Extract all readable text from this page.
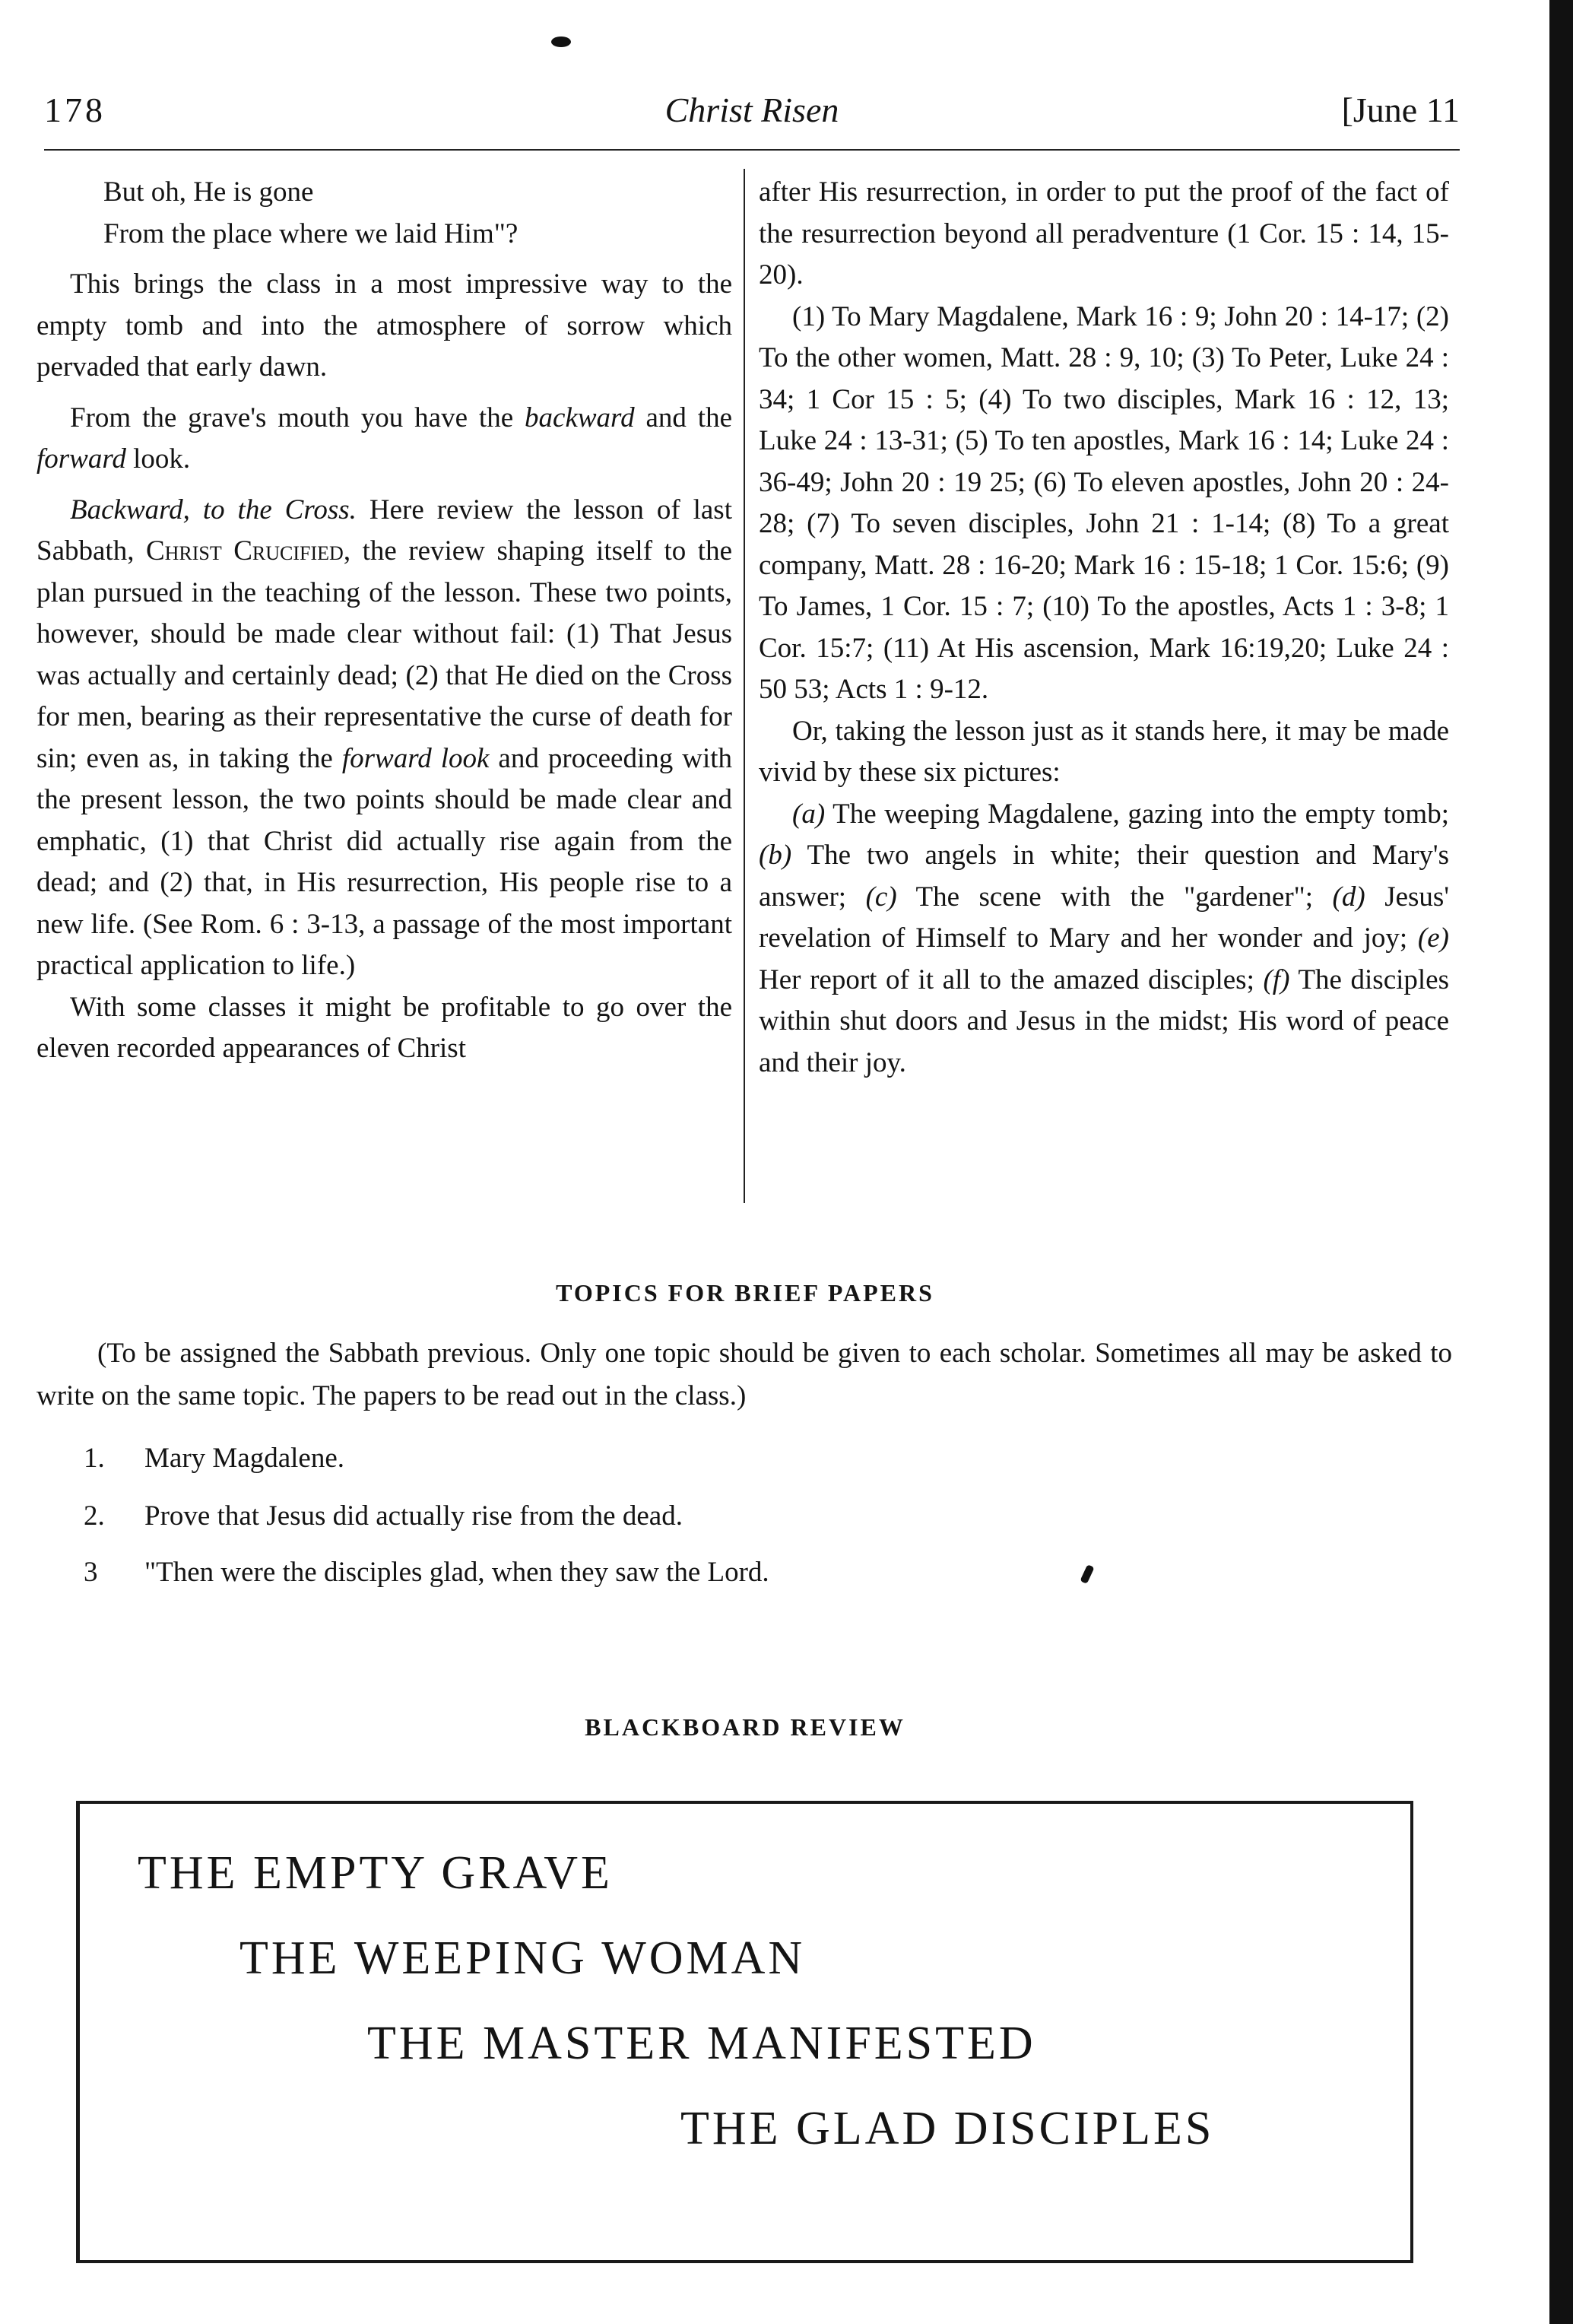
178	Christ Risen	[June 11

But oh, He is gone

From the place where we laid Him"?

This brings the class in a most impressive way to the empty tomb and into the atmosphere of sorrow which pervaded that early dawn.

From the grave's mouth you have the backward and the forward look.

Backward, to the Cross. Here review the lesson of last Sabbath, Christ Crucified, the review shaping itself to the plan pursued in the teaching of the lesson. These two points, however, should be made clear without fail: (1) That Jesus was actually and certainly dead; (2) that He died on the Cross for men, bearing as their representative the curse of death for sin; even as, in taking the forward look and proceeding with the present lesson, the two points should be made clear and emphatic, (1) that Christ did actually rise again from the dead; and (2) that, in His resurrection, His people rise to a new life. (See Rom. 6 : 3-13, a passage of the most important practical application to life.)

With some classes it might be profitable to go over the eleven recorded appearances of Christ

after His resurrection, in order to put the proof of the fact of the resurrection beyond all peradventure (1 Cor. 15 : 14, 15-20).

(1) To Mary Magdalene, Mark 16 : 9; John 20 : 14-17; (2) To the other women, Matt. 28 : 9, 10; (3) To Peter, Luke 24 : 34; 1 Cor 15 : 5; (4) To two disciples, Mark 16 : 12, 13; Luke 24 : 13-31; (5) To ten apostles, Mark 16 : 14; Luke 24 : 36-49; John 20 : 19 25; (6) To eleven apostles, John 20 : 24-28; (7) To seven disciples, John 21 : 1-14; (8) To a great company, Matt. 28 : 16-20; Mark 16 : 15-18; 1 Cor. 15:6; (9) To James, 1 Cor. 15 : 7; (10) To the apostles, Acts 1 : 3-8; 1 Cor. 15:7; (11) At His ascension, Mark 16:19,20; Luke 24 : 50 53; Acts 1 : 9-12.

Or, taking the lesson just as it stands here, it may be made vivid by these six pictures:

(a) The weeping Magdalene, gazing into the empty tomb; (b) The two angels in white; their question and Mary's answer; (c) The scene with the "gardener"; (d) Jesus' revelation of Himself to Mary and her wonder and joy; (e) Her report of it all to the amazed disciples; (f) The disciples within shut doors and Jesus in the midst; His word of peace and their joy.

TOPICS FOR BRIEF PAPERS

(To be assigned the Sabbath previous. Only one topic should be given to each scholar. Sometimes all may be asked to write on the same topic. The papers to be read out in the class.)

1. Mary Magdalene.
2. Prove that Jesus did actually rise from the dead.
3 "Then were the disciples glad, when they saw the Lord.
BLACKBOARD REVIEW
THE EMPTY GRAVE
THE WEEPING WOMAN
THE MASTER MANIFESTED
THE GLAD DISCIPLES
